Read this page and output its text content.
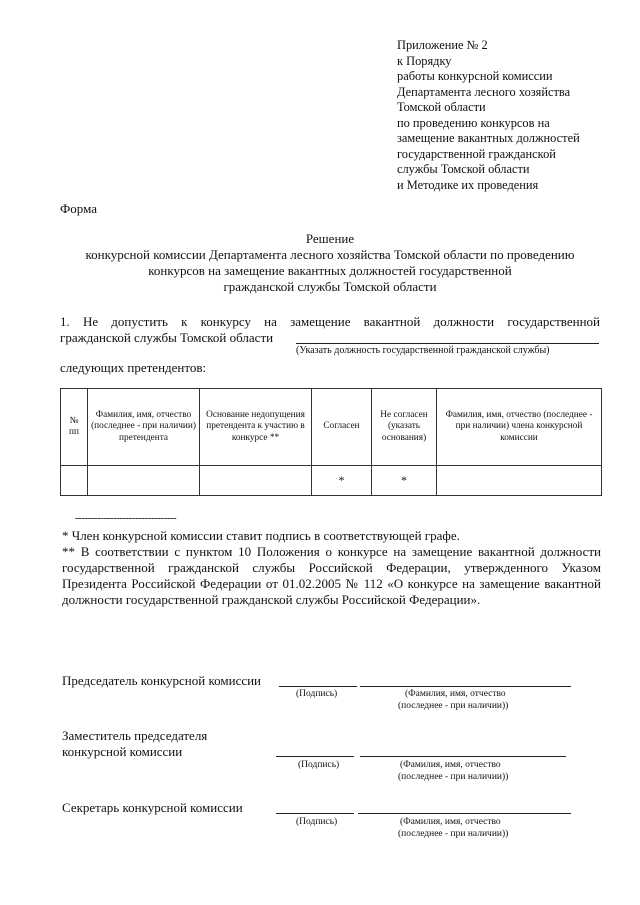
Приложение № 2
к Порядку
работы конкурсной комиссии
Департамента лесного хозяйства
Томской области
по проведению конкурсов на
замещение вакантных должностей
государственной гражданской
службы Томской области
и Методике их проведения
Форма
Решение
конкурсной комиссии Департамента лесного хозяйства Томской области по проведению
конкурсов на замещение вакантных должностей государственной
гражданской службы Томской области
1. Не допустить к конкурсу на замещение вакантной должности государственной
гражданской службы Томской области
(Указать должность государственной гражданской службы)
следующих претендентов:
№ пп	Фамилия, имя, отчество (последнее - при наличии) претендента	Основание недопущения претендента к участию в конкурсе **	Согласен	Не согласен (указать основания)	Фамилия, имя, отчество (последнее - при наличии) члена конкурсной комиссии
			*	*	
--------------------------------
* Член конкурсной комиссии ставит подпись в соответствующей графе.
** В соответствии с пунктом 10 Положения о конкурсе на замещение вакантной должности государственной гражданской службы Российской Федерации, утвержденного Указом Президента Российской Федерации от 01.02.2005 № 112 «О конкурсе на замещение вакантной должности государственной гражданской службы Российской Федерации».
Председатель конкурсной комиссии
(Подпись)	(Фамилия, имя, отчество
(последнее - при наличии))
Заместитель председателя
конкурсной комиссии
(Подпись)	(Фамилия, имя, отчество
(последнее - при наличии))
Секретарь конкурсной комиссии
(Подпись)	(Фамилия, имя, отчество
(последнее - при наличии))
